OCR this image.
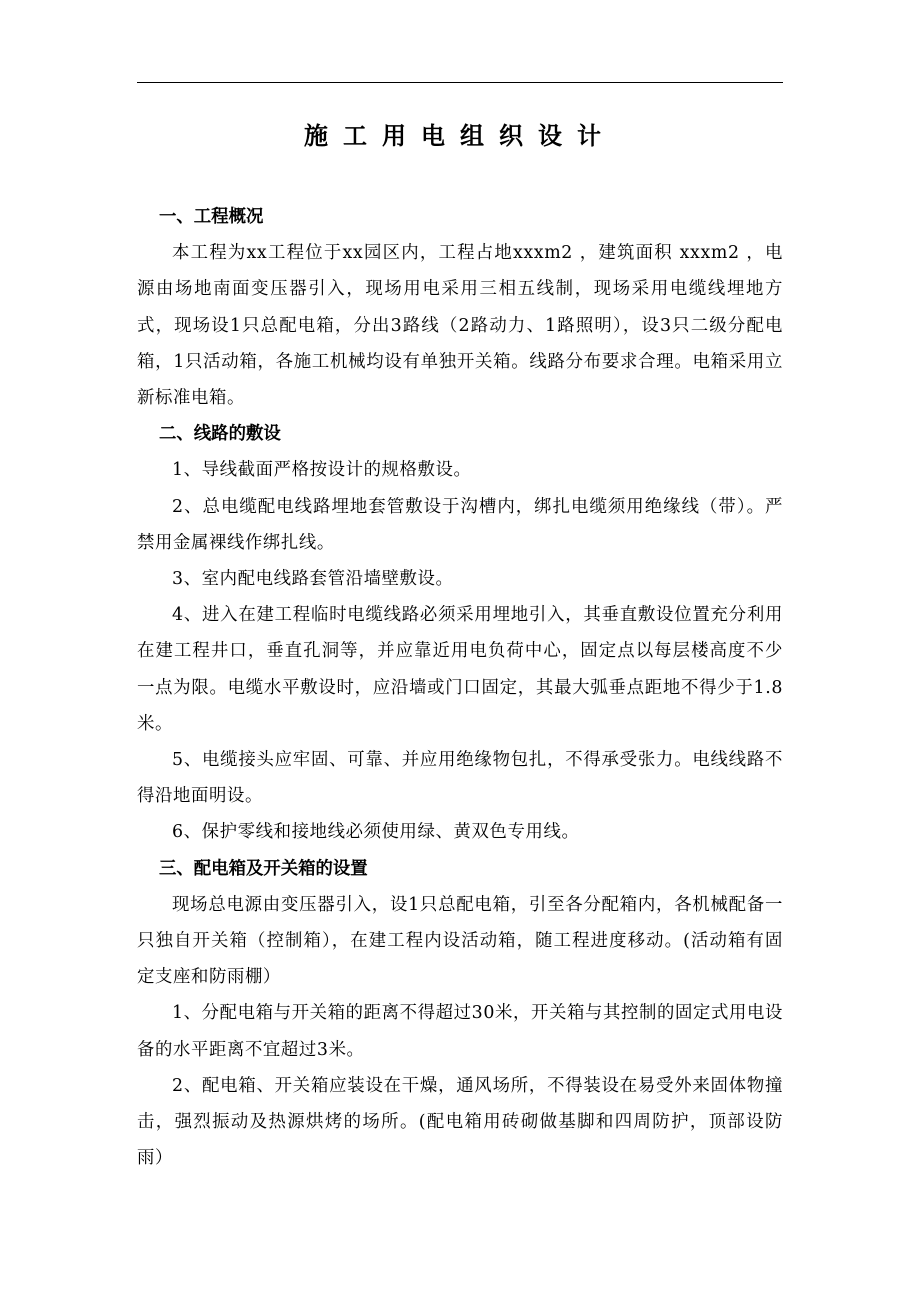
施工用电组织设计

一、工程概况

本工程为xx工程位于xx园区内，工程占地xxxm2 ，建筑面积 xxxm2 ，电源由场地南面变压器引入，现场用电采用三相五线制，现场采用电缆线埋地方式，现场设1只总配电箱，分出3路线（2路动力、1路照明），设3只二级分配电箱，1只活动箱，各施工机械均设有单独开关箱。线路分布要求合理。电箱采用立新标准电箱。

二、线路的敷设

1、导线截面严格按设计的规格敷设。

2、总电缆配电线路埋地套管敷设于沟槽内，绑扎电缆须用绝缘线（带）。严禁用金属裸线作绑扎线。

3、室内配电线路套管沿墙壁敷设。

4、进入在建工程临时电缆线路必须采用埋地引入，其垂直敷设位置充分利用在建工程井口，垂直孔洞等，并应靠近用电负荷中心，固定点以每层楼高度不少一点为限。电缆水平敷设时，应沿墙或门口固定，其最大弧垂点距地不得少于1.8米。

5、电缆接头应牢固、可靠、并应用绝缘物包扎，不得承受张力。电线线路不得沿地面明设。

6、保护零线和接地线必须使用绿、黄双色专用线。

三、配电箱及开关箱的设置

现场总电源由变压器引入，设1只总配电箱，引至各分配箱内，各机械配备一只独自开关箱（控制箱），在建工程内设活动箱，随工程进度移动。(活动箱有固定支座和防雨棚）

1、分配电箱与开关箱的距离不得超过30米，开关箱与其控制的固定式用电设备的水平距离不宜超过3米。

2、配电箱、开关箱应装设在干燥，通风场所，不得装设在易受外来固体物撞击，强烈振动及热源烘烤的场所。(配电箱用砖砌做基脚和四周防护，顶部设防雨）
